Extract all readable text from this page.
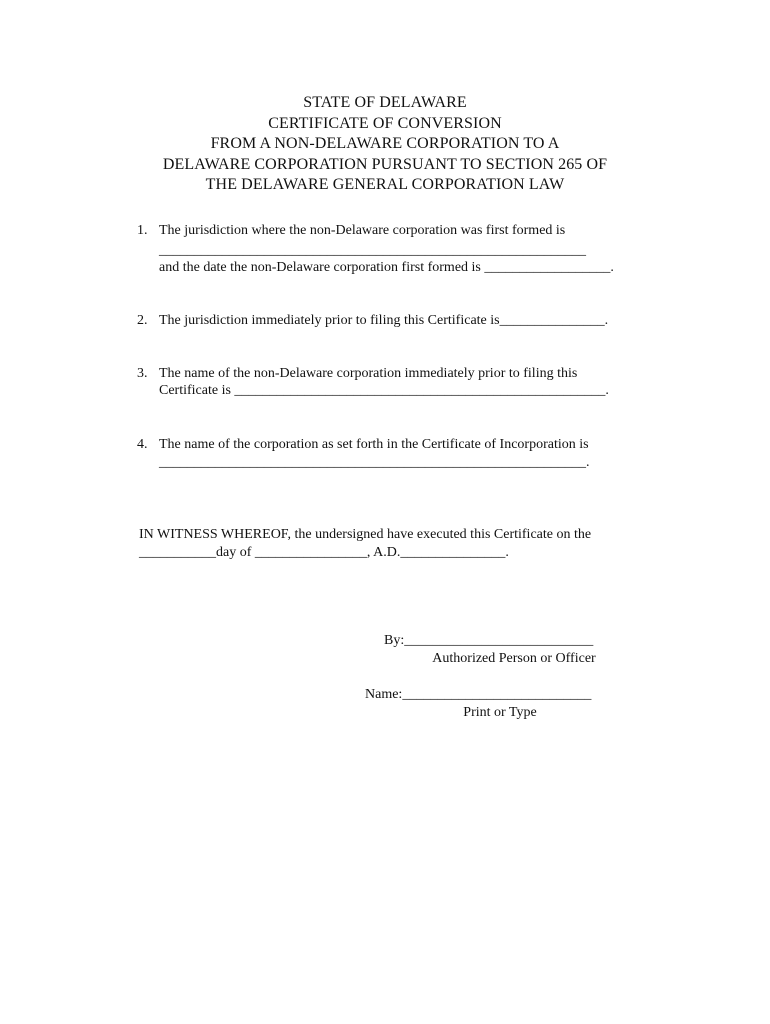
STATE OF DELAWARE
CERTIFICATE OF CONVERSION
FROM A NON-DELAWARE CORPORATION TO A
DELAWARE CORPORATION PURSUANT TO SECTION 265 OF
THE DELAWARE GENERAL CORPORATION LAW
1. The jurisdiction where the non-Delaware corporation was first formed is
_____________________________________________________________
and the date the non-Delaware corporation first formed is __________________.
2. The jurisdiction immediately prior to filing this Certificate is_______________.
3. The name of the non-Delaware corporation immediately prior to filing this
Certificate is _____________________________________________________.
4. The name of the corporation as set forth in the Certificate of Incorporation is
_____________________________________________________________.
IN WITNESS WHEREOF, the undersigned have executed this Certificate on the
___________day of ________________, A.D._______________.
By:___________________________
Authorized Person or Officer
Name:___________________________
Print or Type
